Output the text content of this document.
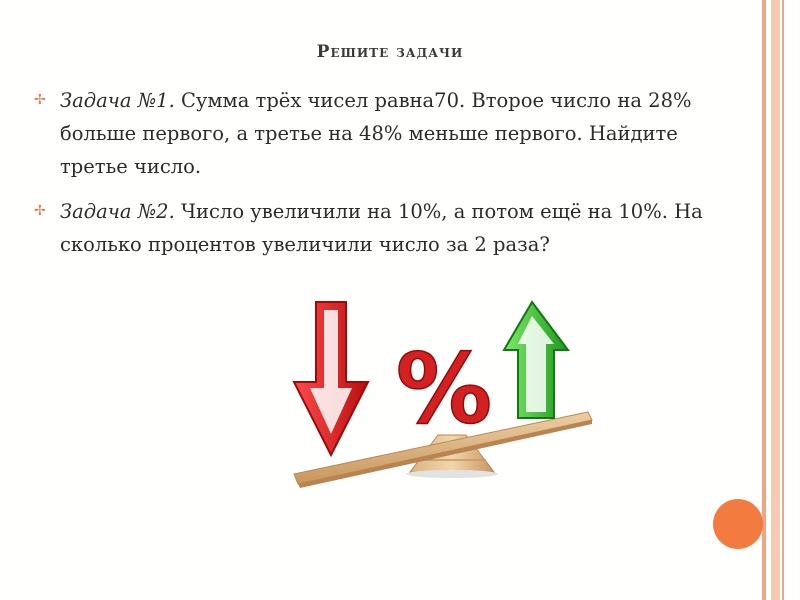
Решите задачи
✢ Задача №1. Сумма трёх чисел равна70. Второе число на 28% больше первого, а третье на 48% меньше первого. Найдите третье число.
✢ Задача №2. Число увеличили на 10%, а потом ещё на 10%. На сколько процентов увеличили число за 2 раза?
%
